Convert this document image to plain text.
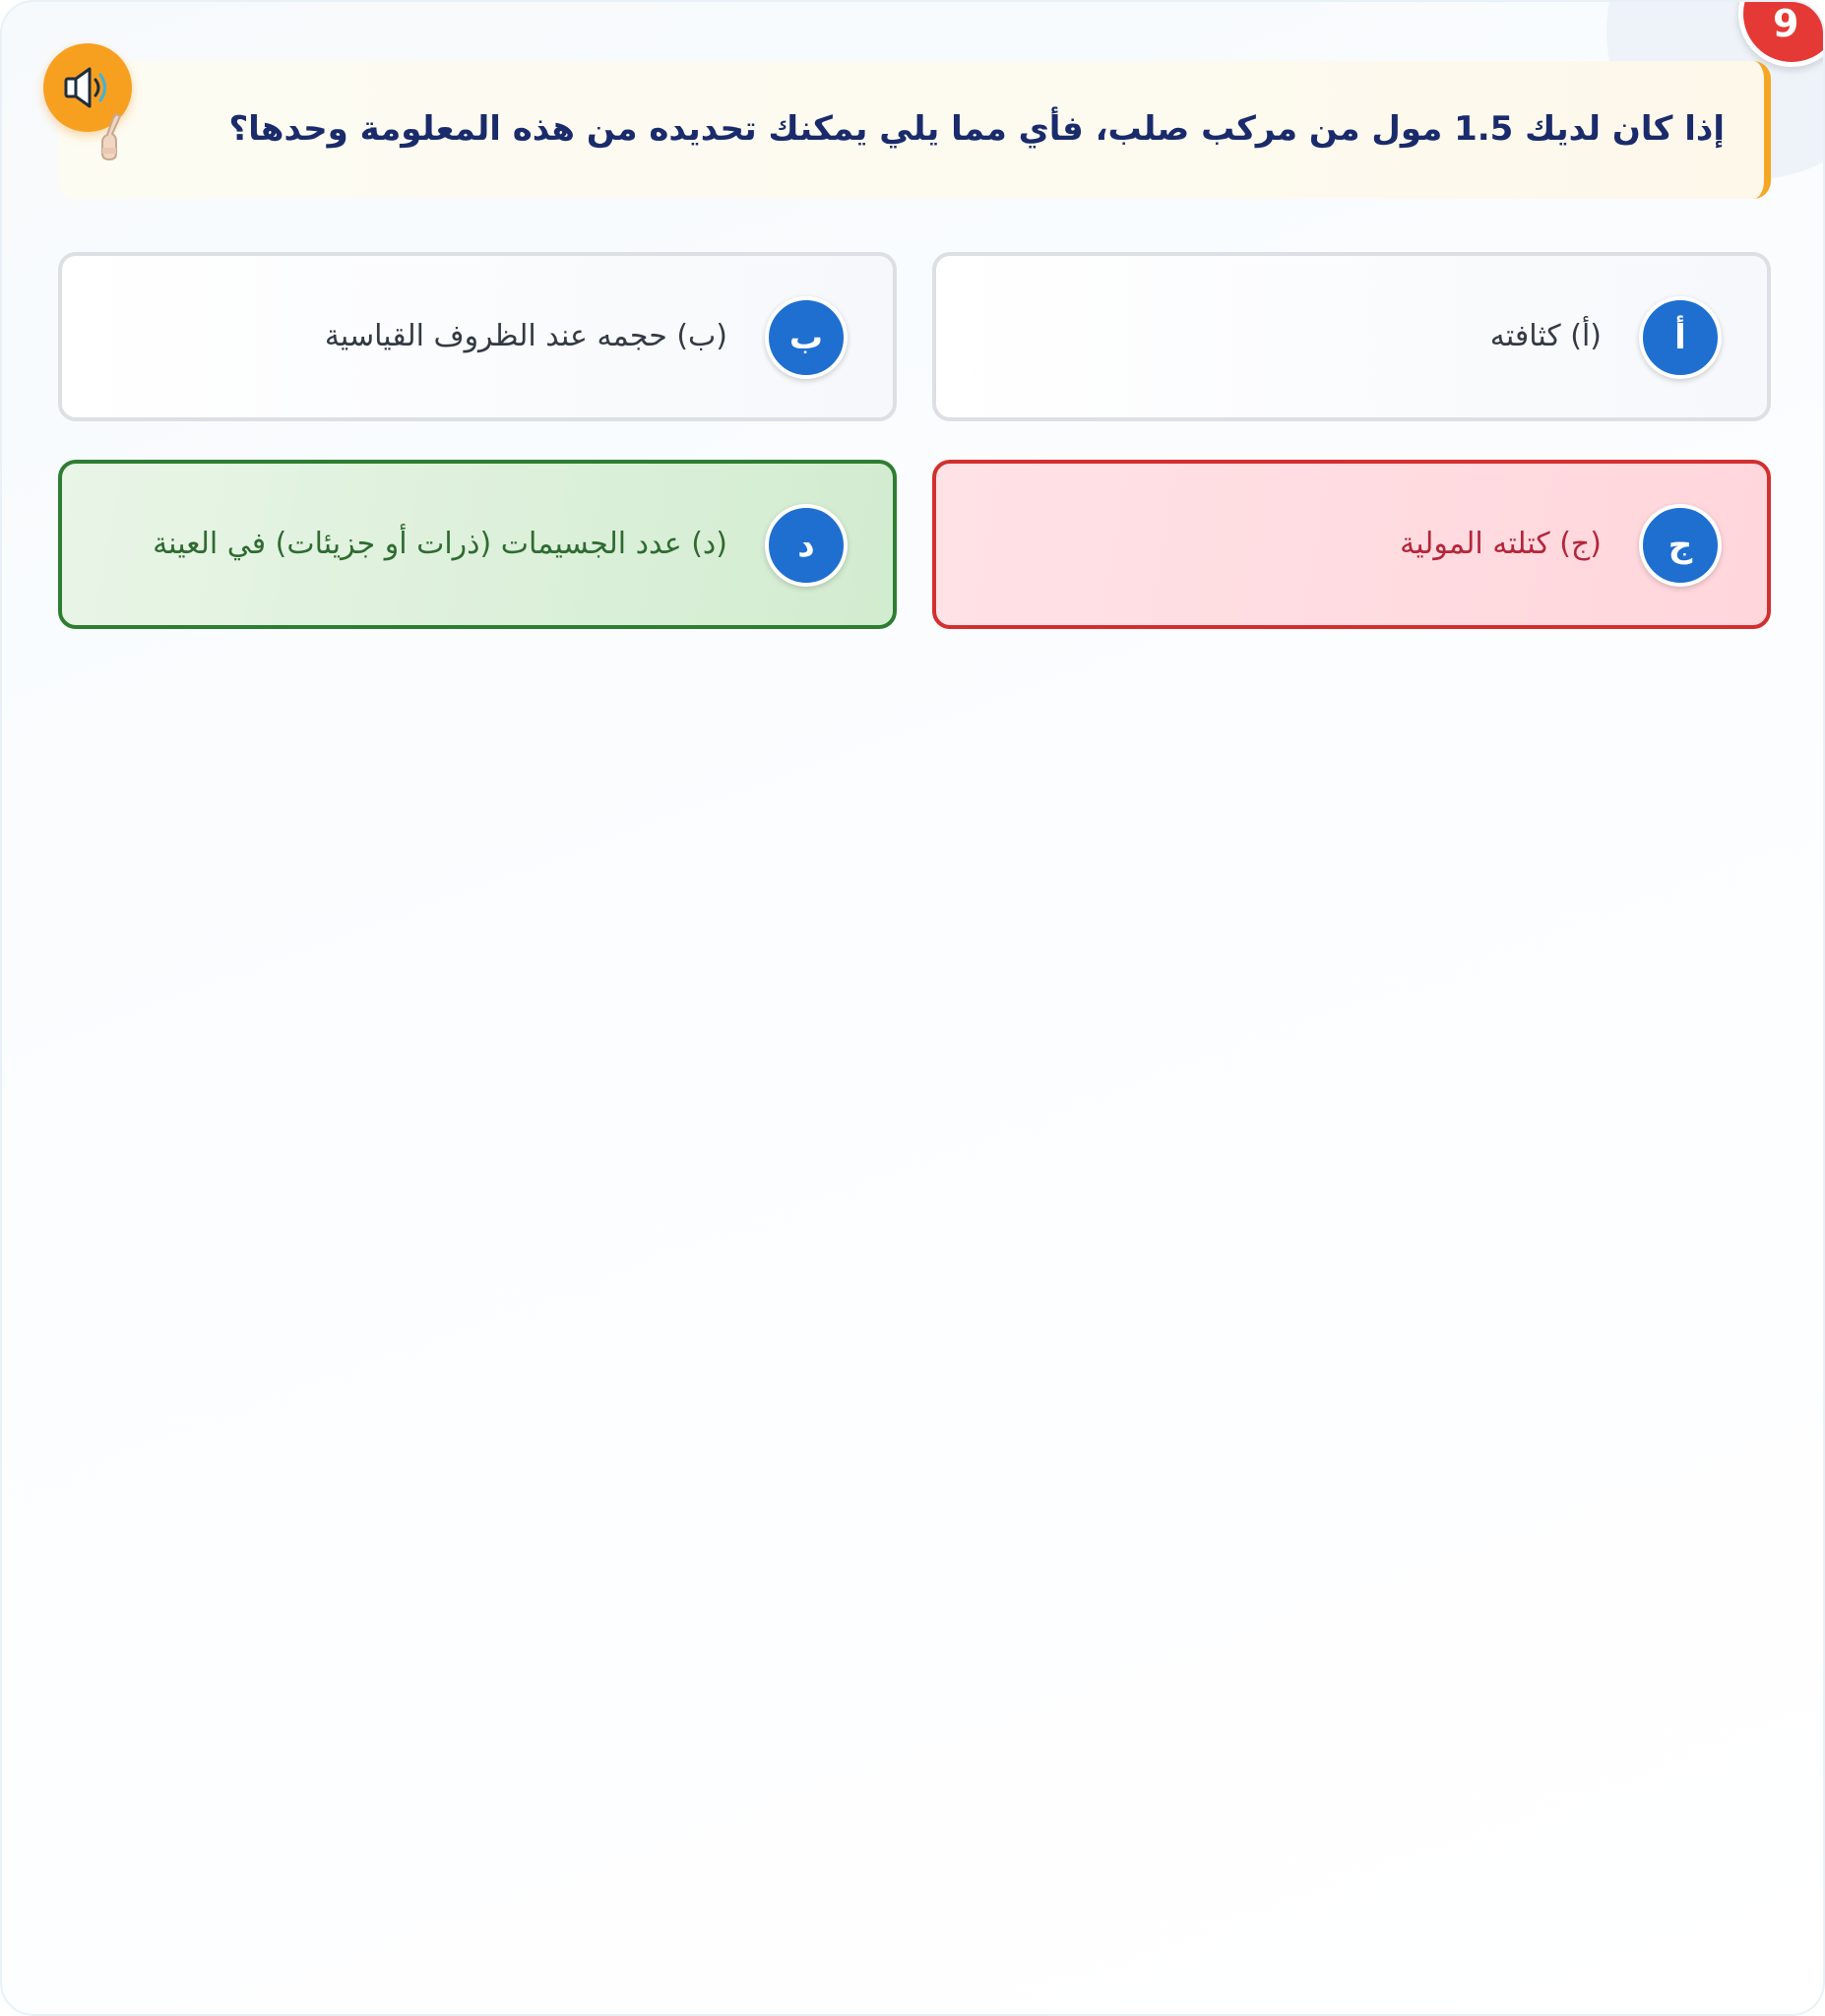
9
إذا كان لديك 1.5 مول من مركب صلب، فأي مما يلي يمكنك تحديده من هذه المعلومة وحدها؟
أ
(أ) كثافته
ب
(ب) حجمه عند الظروف القياسية
ج
(ج) كتلته المولية
د
(د) عدد الجسيمات (ذرات أو جزيئات) في العينة
